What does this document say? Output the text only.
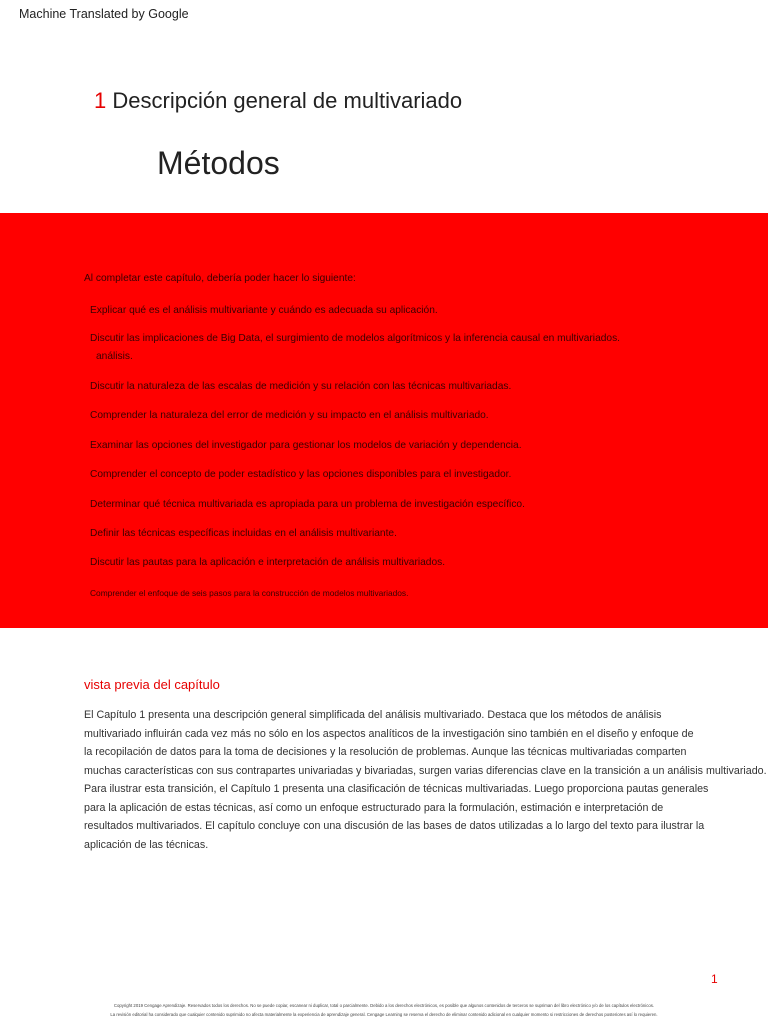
Machine Translated by Google
1 Descripción general de multivariado
Métodos
Al completar este capítulo, debería poder hacer lo siguiente:
Explicar qué es el análisis multivariante y cuándo es adecuada su aplicación.
Discutir las implicaciones de Big Data, el surgimiento de modelos algorítmicos y la inferencia causal en multivariados.
análisis.
Discutir la naturaleza de las escalas de medición y su relación con las técnicas multivariadas.
Comprender la naturaleza del error de medición y su impacto en el análisis multivariado.
Examinar las opciones del investigador para gestionar los modelos de variación y dependencia.
Comprender el concepto de poder estadístico y las opciones disponibles para el investigador.
Determinar qué técnica multivariada es apropiada para un problema de investigación específico.
Definir las técnicas específicas incluidas en el análisis multivariante.
Discutir las pautas para la aplicación e interpretación de análisis multivariados.
Comprender el enfoque de seis pasos para la construcción de modelos multivariados.
vista previa del capítulo
El Capítulo 1 presenta una descripción general simplificada del análisis multivariado. Destaca que los métodos de análisis
multivariado influirán cada vez más no sólo en los aspectos analíticos de la investigación sino también en el diseño y enfoque de
la recopilación de datos para la toma de decisiones y la resolución de problemas. Aunque las técnicas multivariadas comparten
muchas características con sus contrapartes univariadas y bivariadas, surgen varias diferencias clave en la transición a un análisis multivariado.
Para ilustrar esta transición, el Capítulo 1 presenta una clasificación de técnicas multivariadas. Luego proporciona pautas generales
para la aplicación de estas técnicas, así como un enfoque estructurado para la formulación, estimación e interpretación de
resultados multivariados. El capítulo concluye con una discusión de las bases de datos utilizadas a lo largo del texto para ilustrar la
aplicación de las técnicas.
1
Copyright 2019 Cengage Aprendizaje. Reservados todos los derechos. No se puede copiar, escanear ni duplicar, total o parcialmente. Debido a los derechos electrónicos, es posible que algunos contenidos de terceros se supriman del libro electrónico y/o de los capítulos electrónicos.
La revisión editorial ha considerado que cualquier contenido suprimido no afecta materialmente la experiencia de aprendizaje general. Cengage Learning se reserva el derecho de eliminar contenido adicional en cualquier momento si restricciones de derechos posteriores así lo requieren.
